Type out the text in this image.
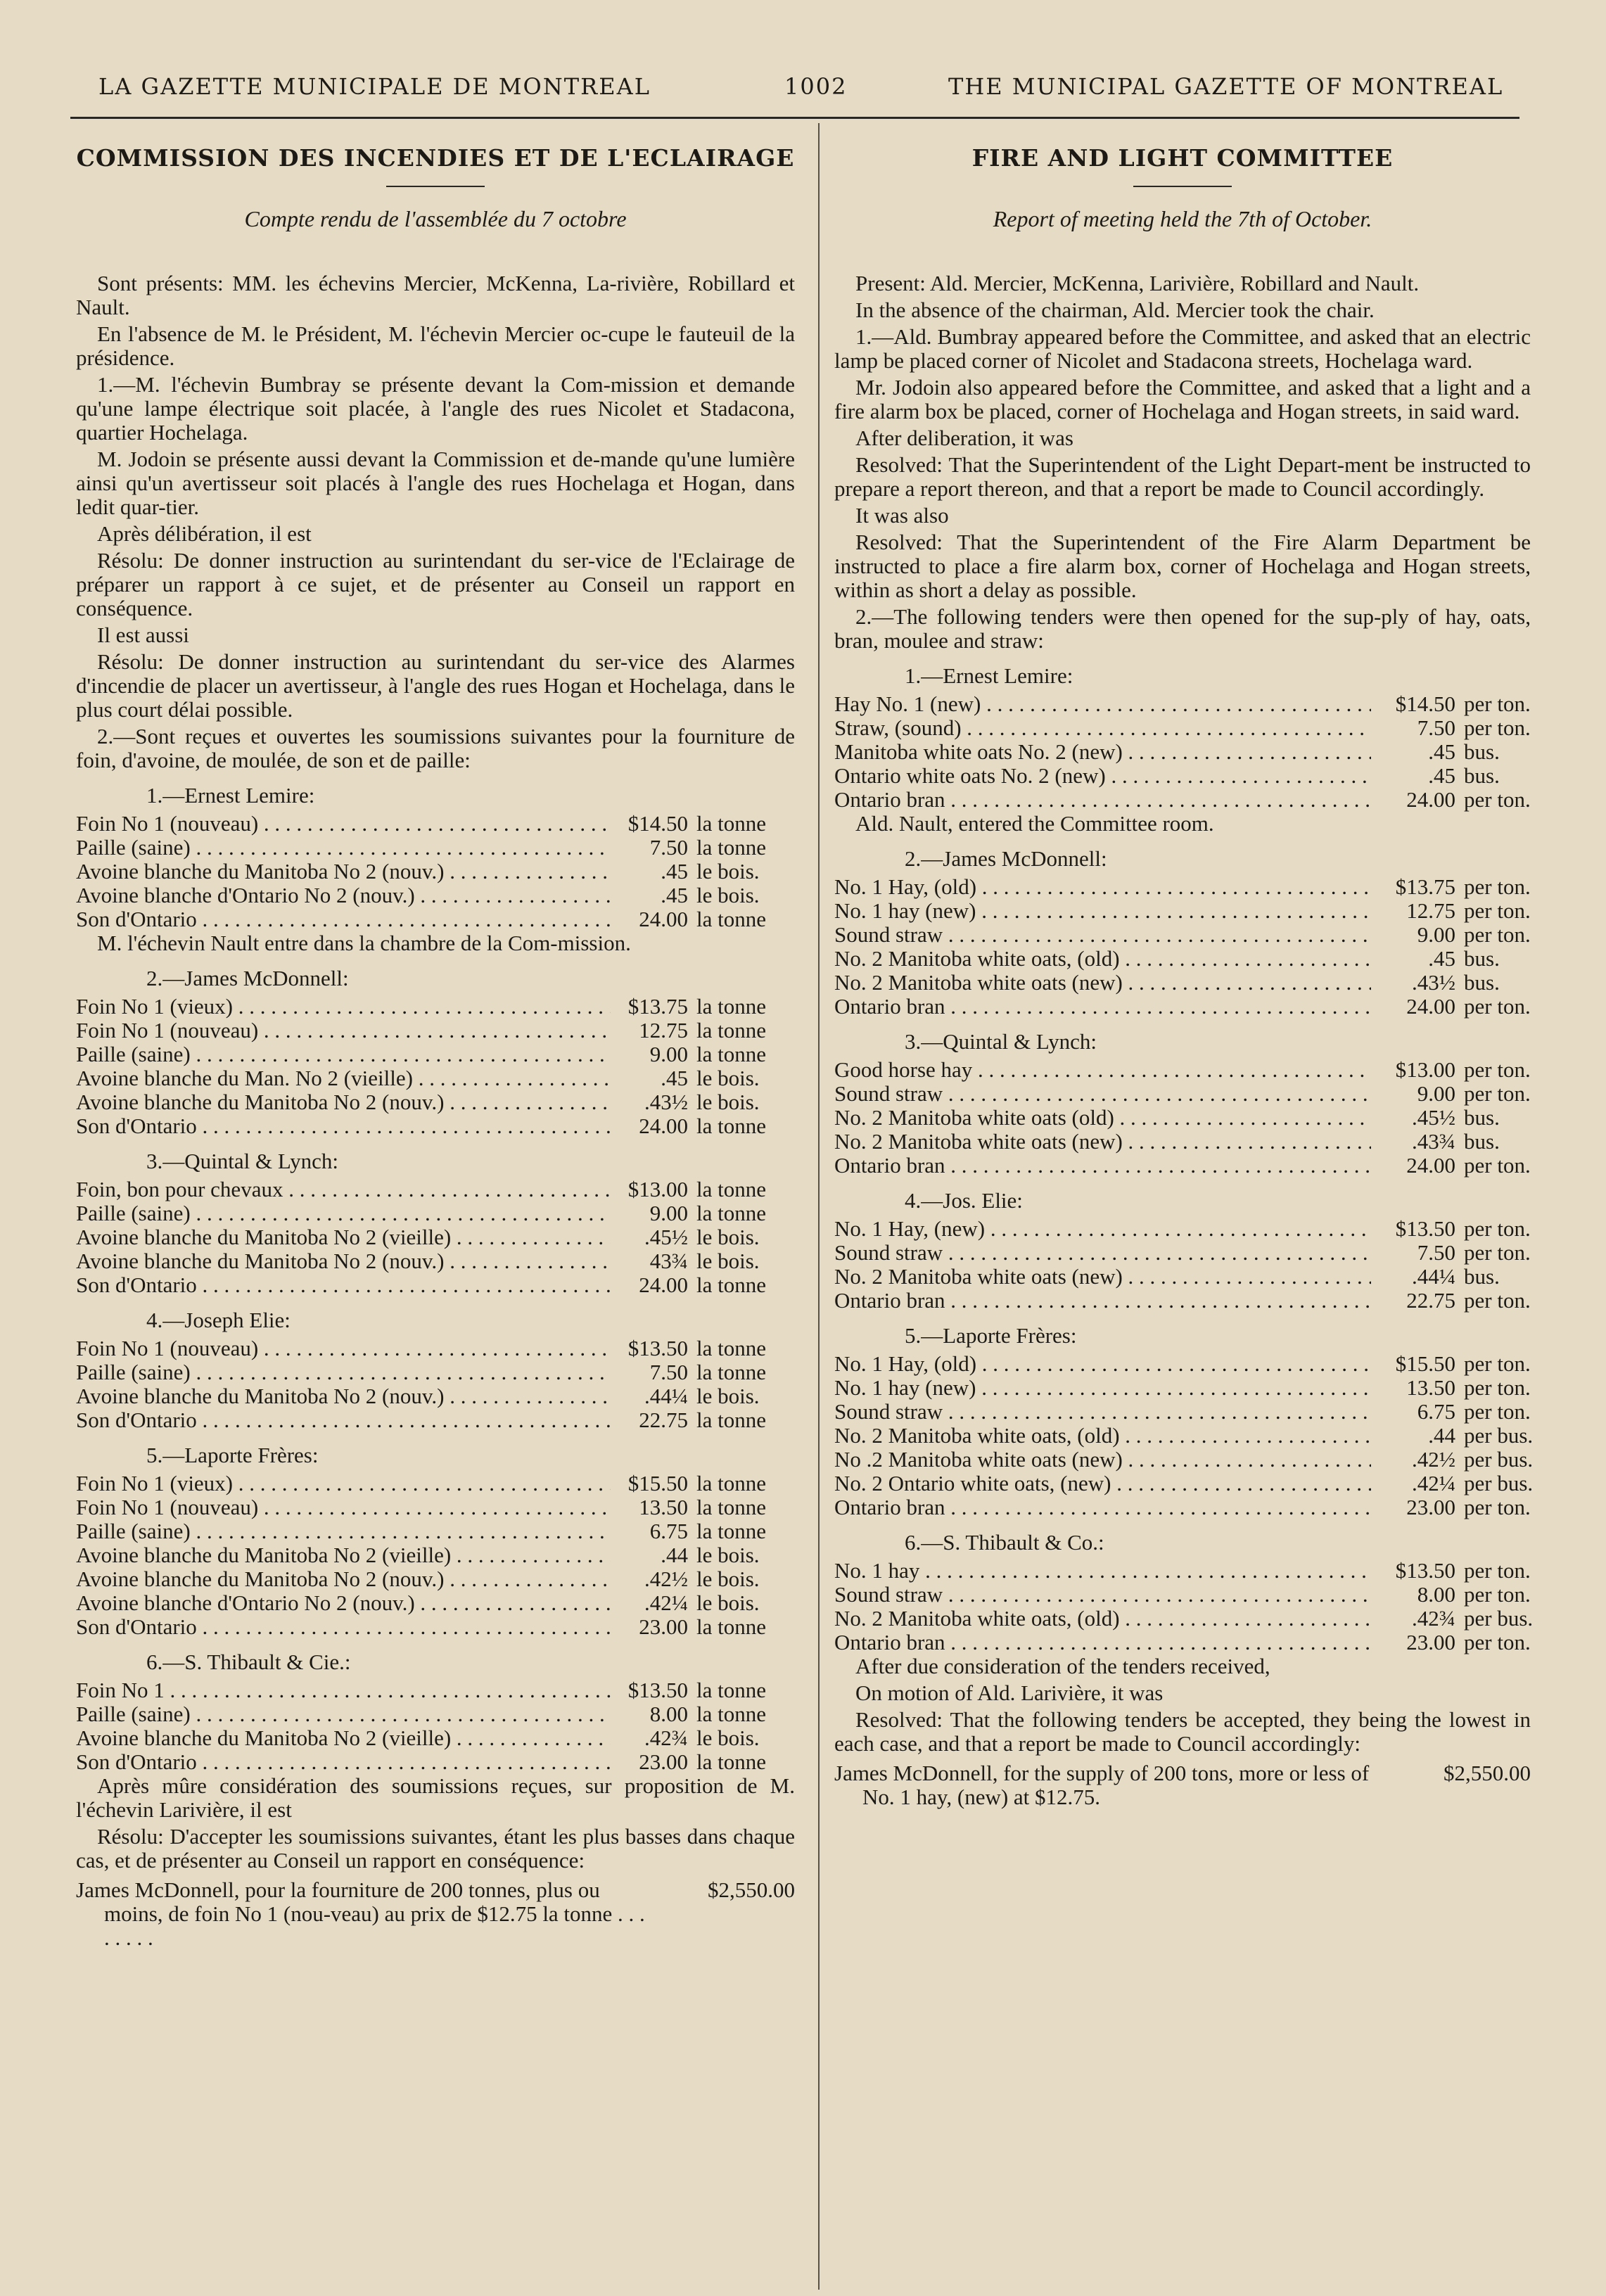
LA GAZETTE MUNICIPALE DE MONTREAL	1002	THE MUNICIPAL GAZETTE OF MONTREAL
COMMISSION DES INCENDIES ET DE L'ECLAIRAGE
Compte rendu de l'assemblée du 7 octobre

Sont présents: MM. les échevins Mercier, McKenna, La-rivière, Robillard et Nault.

En l'absence de M. le Président, M. l'échevin Mercier oc-cupe le fauteuil de la présidence.

1.—M. l'échevin Bumbray se présente devant la Com-mission et demande qu'une lampe électrique soit placée, à l'angle des rues Nicolet et Stadacona, quartier Hochelaga.

M. Jodoin se présente aussi devant la Commission et de-mande qu'une lumière ainsi qu'un avertisseur soit placés à l'angle des rues Hochelaga et Hogan, dans ledit quar-tier.

Après délibération, il est

Résolu: De donner instruction au surintendant du ser-vice de l'Eclairage de préparer un rapport à ce sujet, et de présenter au Conseil un rapport en conséquence.

Il est aussi

Résolu: De donner instruction au surintendant du ser-vice des Alarmes d'incendie de placer un avertisseur, à l'angle des rues Hogan et Hochelaga, dans le plus court délai possible.

2.—Sont reçues et ouvertes les soumissions suivantes pour la fourniture de foin, d'avoine, de moulée, de son et de paille:

1.—Ernest Lemire:
Foin No 1 (nouveau) . . .	$14.50 la tonne
Paille (saine) . . .	7.50 la tonne
Avoine blanche du Manitoba No 2 (nouv.) . . .	.45 le bois.
Avoine blanche d'Ontario No 2 (nouv.) . . .	.45 le bois.
Son d'Ontario . . .	24.00 la tonne

M. l'échevin Nault entre dans la chambre de la Com-mission.

2.—James McDonnell:
Foin No 1 (vieux) . . .	$13.75 la tonne
Foin No 1 (nouveau) . . .	12.75 la tonne
Paille (saine) . . .	9.00 la tonne
Avoine blanche du Man. No 2 (vieille) . . .	.45 le bois.
Avoine blanche du Manitoba No 2 (nouv.) . . .	.43½ le bois.
Son d'Ontario . . .	24.00 la tonne
3.—Quintal & Lynch:
Foin, bon pour chevaux . . .	$13.00 la tonne
Paille (saine) . . .	9.00 la tonne
Avoine blanche du Manitoba No 2 (vieille) . . .	.45½ le bois.
Avoine blanche du Manitoba No 2 (nouv.) . . .	43¾ le bois.
Son d'Ontario . . .	24.00 la tonne
4.—Joseph Elie:
Foin No 1 (nouveau) . . .	$13.50 la tonne
Paille (saine) . . .	7.50 la tonne
Avoine blanche du Manitoba No 2 (nouv.) . . .	.44¼ le bois.
Son d'Ontario . . .	22.75 la tonne
5.—Laporte Frères:
Foin No 1 (vieux) . . .	$15.50 la tonne
Foin No 1 (nouveau) . . .	13.50 la tonne
Paille (saine) . . .	6.75 la tonne
Avoine blanche du Manitoba No 2 (vieille) . . .	.44 le bois.
Avoine blanche du Manitoba No 2 (nouv.) . . .	.42½ le bois.
Avoine blanche d'Ontario No 2 (nouv.) . . .	.42¼ le bois.
Son d'Ontario . . .	23.00 la tonne
6.—S. Thibault & Cie.:
Foin No 1 . . .	$13.50 la tonne
Paille (saine) . . .	8.00 la tonne
Avoine blanche du Manitoba No 2 (vieille) . . .	.42¾ le bois.
Son d'Ontario . . .	23.00 la tonne

Après mûre considération des soumissions reçues, sur proposition de M. l'échevin Larivière, il est

Résolu: D'accepter les soumissions suivantes, étant les plus basses dans chaque cas, et de présenter au Conseil un rapport en conséquence:

James McDonnell, pour la fourniture de 200 tonnes, plus ou moins, de foin No 1 (nou-veau) au prix de $12.75 la tonne . . . . . . . .
$2,550.00
FIRE AND LIGHT COMMITTEE
Report of meeting held the 7th of October.

Present: Ald. Mercier, McKenna, Larivière, Robillard and Nault.

In the absence of the chairman, Ald. Mercier took the chair.

1.—Ald. Bumbray appeared before the Committee, and asked that an electric lamp be placed corner of Nicolet and Stadacona streets, Hochelaga ward.

Mr. Jodoin also appeared before the Committee, and asked that a light and a fire alarm box be placed, corner of Hochelaga and Hogan streets, in said ward.

After deliberation, it was

Resolved: That the Superintendent of the Light Depart-ment be instructed to prepare a report thereon, and that a report be made to Council accordingly.

It was also

Resolved: That the Superintendent of the Fire Alarm Department be instructed to place a fire alarm box, corner of Hochelaga and Hogan streets, within as short a delay as possible.

2.—The following tenders were then opened for the sup-ply of hay, oats, bran, moulee and straw:

1.—Ernest Lemire:
Hay No. 1 (new) . . .	$14.50 per ton.
Straw, (sound) . . .	7.50 per ton.
Manitoba white oats No. 2 (new) . . .	.45 bus.
Ontario white oats No. 2 (new) . . .	.45 bus.
Ontario bran . . .	24.00 per ton.

Ald. Nault, entered the Committee room.

2.—James McDonnell:
No. 1 Hay, (old) . . .	$13.75 per ton.
No. 1 hay (new) . . .	12.75 per ton.
Sound straw . . .	9.00 per ton.
No. 2 Manitoba white oats, (old) . . .	.45 bus.
No. 2 Manitoba white oats (new) . . .	.43½ bus.
Ontario bran . . .	24.00 per ton.
3.—Quintal & Lynch:
Good horse hay . . .	$13.00 per ton.
Sound straw . . .	9.00 per ton.
No. 2 Manitoba white oats (old) . . .	.45½ bus.
No. 2 Manitoba white oats (new) . . .	.43¾ bus.
Ontario bran . . .	24.00 per ton.
4.—Jos. Elie:
No. 1 Hay, (new) . . .	$13.50 per ton.
Sound straw . . .	7.50 per ton.
No. 2 Manitoba white oats (new) . . .	.44¼ bus.
Ontario bran . . .	22.75 per ton.
5.—Laporte Frères:
No. 1 Hay, (old) . . .	$15.50 per ton.
No. 1 hay (new) . . .	13.50 per ton.
Sound straw . . .	6.75 per ton.
No. 2 Manitoba white oats, (old) . . .	.44 per bus.
No .2 Manitoba white oats (new) . . .	.42½ per bus.
No. 2 Ontario white oats, (new) . . .	.42¼ per bus.
Ontario bran . . .	23.00 per ton.
6.—S. Thibault & Co.:
No. 1 hay . . .	$13.50 per ton.
Sound straw . . .	8.00 per ton.
No. 2 Manitoba white oats, (old) . . .	.42¾ per bus.
Ontario bran . . .	23.00 per ton.

After due consideration of the tenders received,

On motion of Ald. Larivière, it was

Resolved: That the following tenders be accepted, they being the lowest in each case, and that a report be made to Council accordingly:

James McDonnell, for the supply of 200 tons, more or less of No. 1 hay, (new) at $12.75.
$2,550.00
